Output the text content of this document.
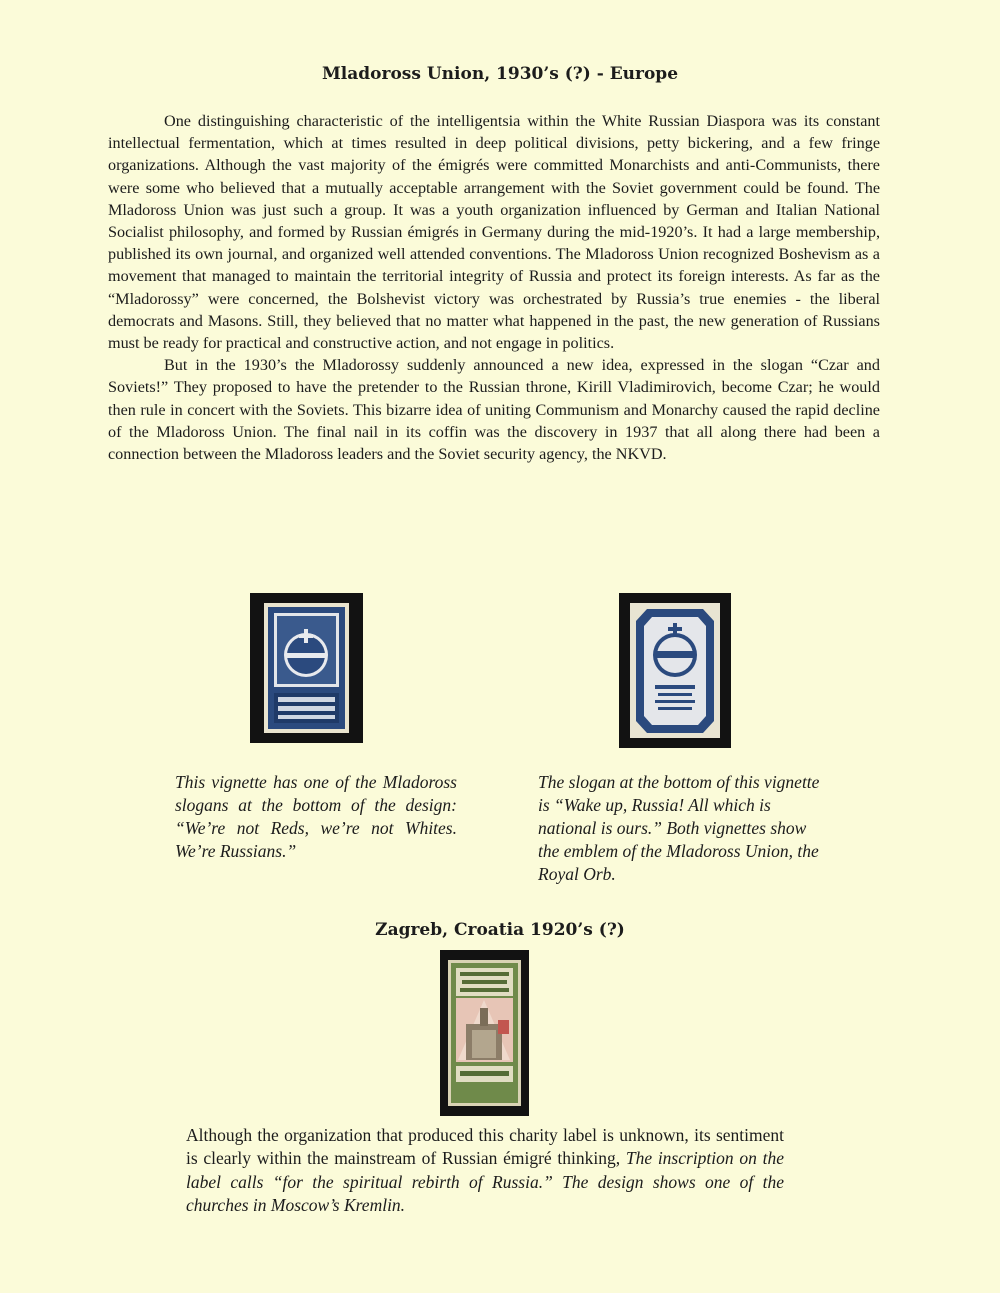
Mladoross Union, 1930’s (?) - Europe

One distinguishing characteristic of the intelligentsia within the White Russian Diaspora was its constant intellectual fermentation, which at times resulted in deep political divisions, petty bickering, and a few fringe organizations. Although the vast majority of the émigrés were committed Monarchists and anti-Communists, there were some who believed that a mutually acceptable arrangement with the Soviet government could be found. The Mladoross Union was just such a group. It was a youth organization influenced by German and Italian National Socialist philosophy, and formed by Russian émigrés in Germany during the mid-1920’s. It had a large membership, published its own journal, and organized well attended conventions. The Mladoross Union recognized Boshevism as a movement that managed to maintain the territorial integrity of Russia and protect its foreign interests. As far as the “Mladorossy” were concerned, the Bolshevist victory was orchestrated by Russia’s true enemies - the liberal democrats and Masons. Still, they believed that no matter what happened in the past, the new generation of Russians must be ready for practical and constructive action, and not engage in politics.

But in the 1930’s the Mladorossy suddenly announced a new idea, expressed in the slogan “Czar and Soviets!” They proposed to have the pretender to the Russian throne, Kirill Vladimirovich, become Czar; he would then rule in concert with the Soviets. This bizarre idea of uniting Communism and Monarchy caused the rapid decline of the Mladoross Union. The final nail in its coffin was the discovery in 1937 that all along there had been a connection between the Mladoross leaders and the Soviet security agency, the NKVD.

This vignette has one of the Mladoross slogans at the bottom of the design: “We’re not Reds, we’re not Whites. We’re Russians.”
The slogan at the bottom of this vignette is “Wake up, Russia! All which is national is ours.” Both vignettes show the emblem of the Mladoross Union, the Royal Orb.
Zagreb, Croatia 1920’s (?)
Although the organization that produced this charity label is unknown, its sentiment is clearly within the mainstream of Russian émigré thinking, The inscription on the label calls “for the spiritual rebirth of Russia.” The design shows one of the churches in Moscow’s Kremlin.
